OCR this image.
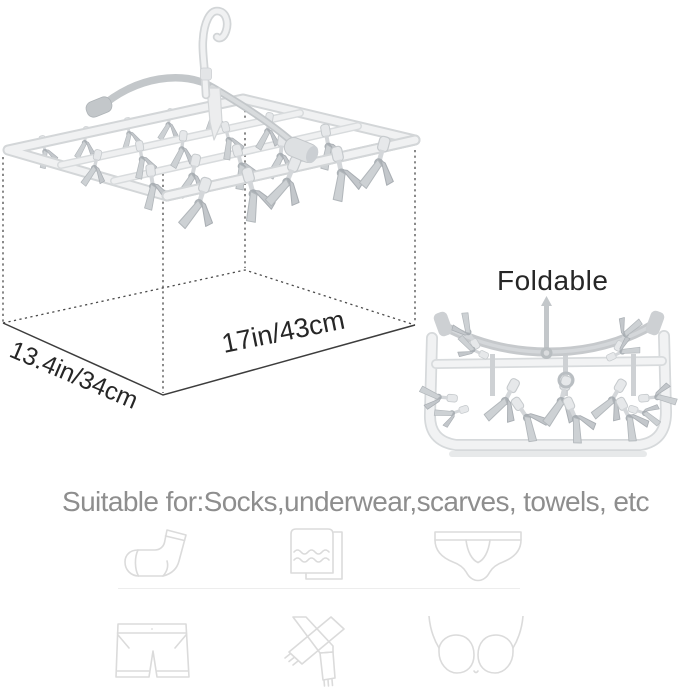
13.4in/34cm
17in/43cm
Foldable
Suitable for:Socks,underwear,scarves, towels, etc
